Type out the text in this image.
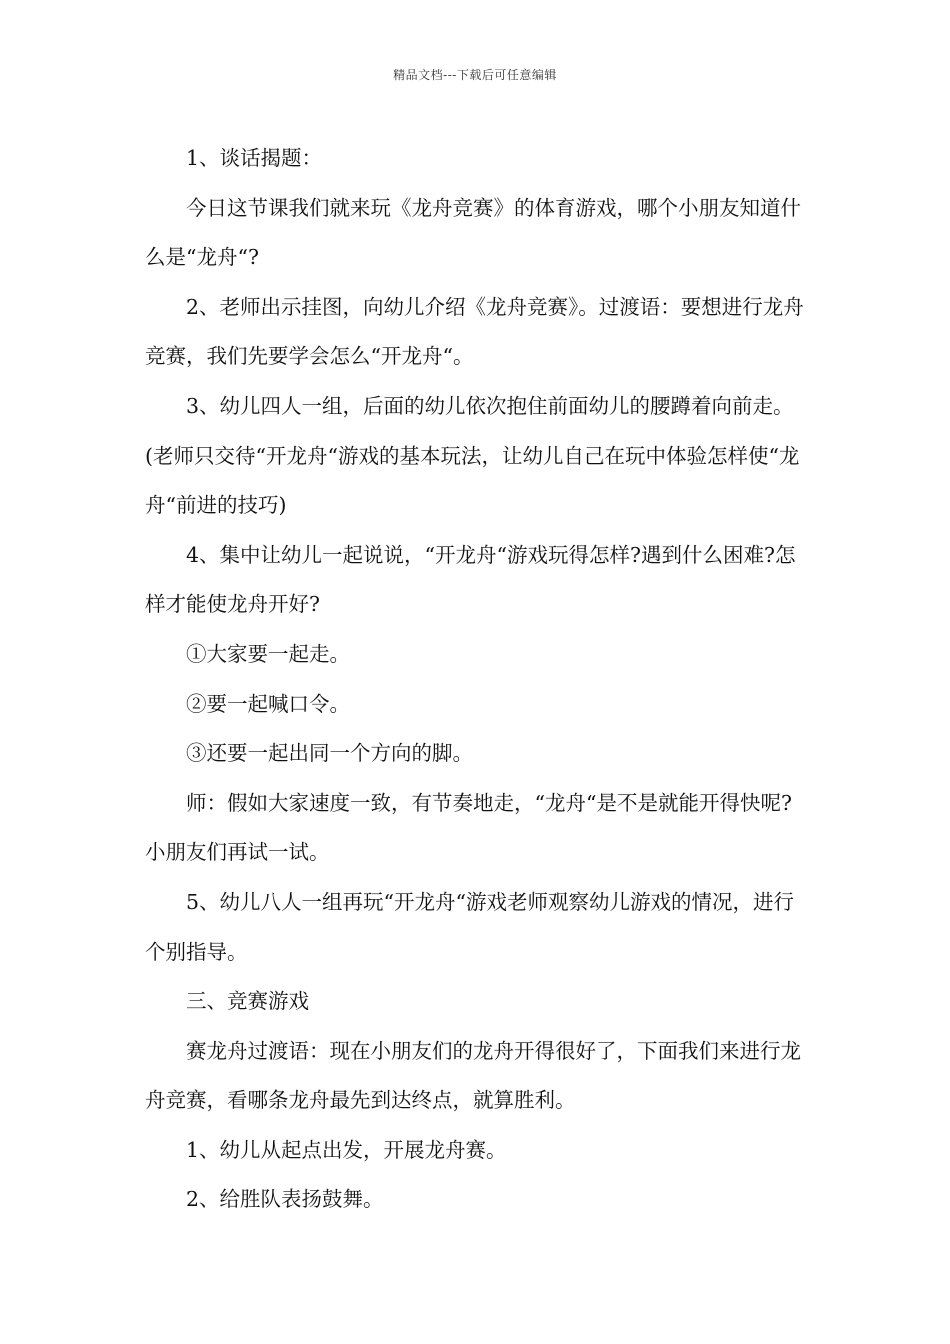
精品文档---下载后可任意编辑

1、谈话揭题：

今日这节课我们就来玩《龙舟竞赛》的体育游戏，哪个小朋友知道什么是“龙舟“?

2、老师出示挂图，向幼儿介绍《龙舟竞赛》。过渡语：要想进行龙舟竞赛，我们先要学会怎么“开龙舟“。

3、幼儿四人一组，后面的幼儿依次抱住前面幼儿的腰蹲着向前走。(老师只交待“开龙舟“游戏的基本玩法，让幼儿自己在玩中体验怎样使“龙舟“前进的技巧)

4、集中让幼儿一起说说，“开龙舟“游戏玩得怎样?遇到什么困难?怎样才能使龙舟开好?

①大家要一起走。

②要一起喊口令。

③还要一起出同一个方向的脚。

师：假如大家速度一致，有节奏地走，“龙舟“是不是就能开得快呢?小朋友们再试一试。

5、幼儿八人一组再玩“开龙舟“游戏老师观察幼儿游戏的情况，进行个别指导。

三、竞赛游戏

赛龙舟过渡语：现在小朋友们的龙舟开得很好了，下面我们来进行龙舟竞赛，看哪条龙舟最先到达终点，就算胜利。

1、幼儿从起点出发，开展龙舟赛。

2、给胜队表扬鼓舞。
